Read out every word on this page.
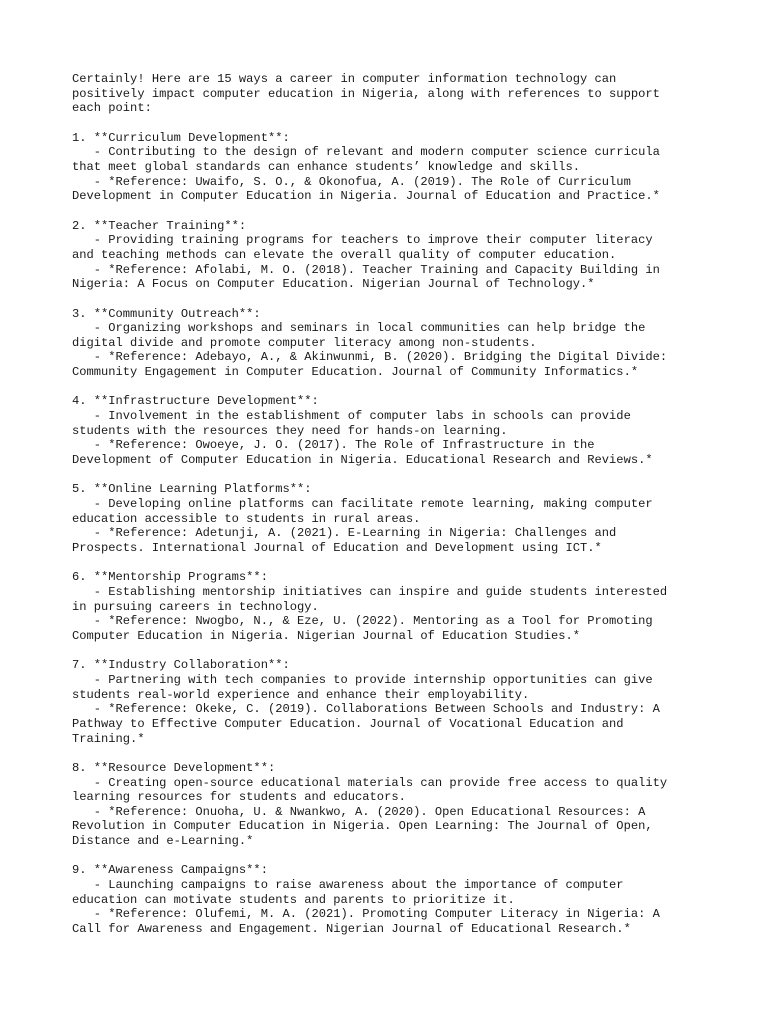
Certainly! Here are 15 ways a career in computer information technology can
positively impact computer education in Nigeria, along with references to support
each point:
1. **Curriculum Development**:
- Contributing to the design of relevant and modern computer science curricula
that meet global standards can enhance students’ knowledge and skills.
- *Reference: Uwaifo, S. O., & Okonofua, A. (2019). The Role of Curriculum
Development in Computer Education in Nigeria. Journal of Education and Practice.*
2. **Teacher Training**:
- Providing training programs for teachers to improve their computer literacy
and teaching methods can elevate the overall quality of computer education.
- *Reference: Afolabi, M. O. (2018). Teacher Training and Capacity Building in
Nigeria: A Focus on Computer Education. Nigerian Journal of Technology.*
3. **Community Outreach**:
- Organizing workshops and seminars in local communities can help bridge the
digital divide and promote computer literacy among non-students.
- *Reference: Adebayo, A., & Akinwunmi, B. (2020). Bridging the Digital Divide:
Community Engagement in Computer Education. Journal of Community Informatics.*
4. **Infrastructure Development**:
- Involvement in the establishment of computer labs in schools can provide
students with the resources they need for hands-on learning.
- *Reference: Owoeye, J. O. (2017). The Role of Infrastructure in the
Development of Computer Education in Nigeria. Educational Research and Reviews.*
5. **Online Learning Platforms**:
- Developing online platforms can facilitate remote learning, making computer
education accessible to students in rural areas.
- *Reference: Adetunji, A. (2021). E-Learning in Nigeria: Challenges and
Prospects. International Journal of Education and Development using ICT.*
6. **Mentorship Programs**:
- Establishing mentorship initiatives can inspire and guide students interested
in pursuing careers in technology.
- *Reference: Nwogbo, N., & Eze, U. (2022). Mentoring as a Tool for Promoting
Computer Education in Nigeria. Nigerian Journal of Education Studies.*
7. **Industry Collaboration**:
- Partnering with tech companies to provide internship opportunities can give
students real-world experience and enhance their employability.
- *Reference: Okeke, C. (2019). Collaborations Between Schools and Industry: A
Pathway to Effective Computer Education. Journal of Vocational Education and
Training.*
8. **Resource Development**:
- Creating open-source educational materials can provide free access to quality
learning resources for students and educators.
- *Reference: Onuoha, U. & Nwankwo, A. (2020). Open Educational Resources: A
Revolution in Computer Education in Nigeria. Open Learning: The Journal of Open,
Distance and e-Learning.*
9. **Awareness Campaigns**:
- Launching campaigns to raise awareness about the importance of computer
education can motivate students and parents to prioritize it.
- *Reference: Olufemi, M. A. (2021). Promoting Computer Literacy in Nigeria: A
Call for Awareness and Engagement. Nigerian Journal of Educational Research.*
